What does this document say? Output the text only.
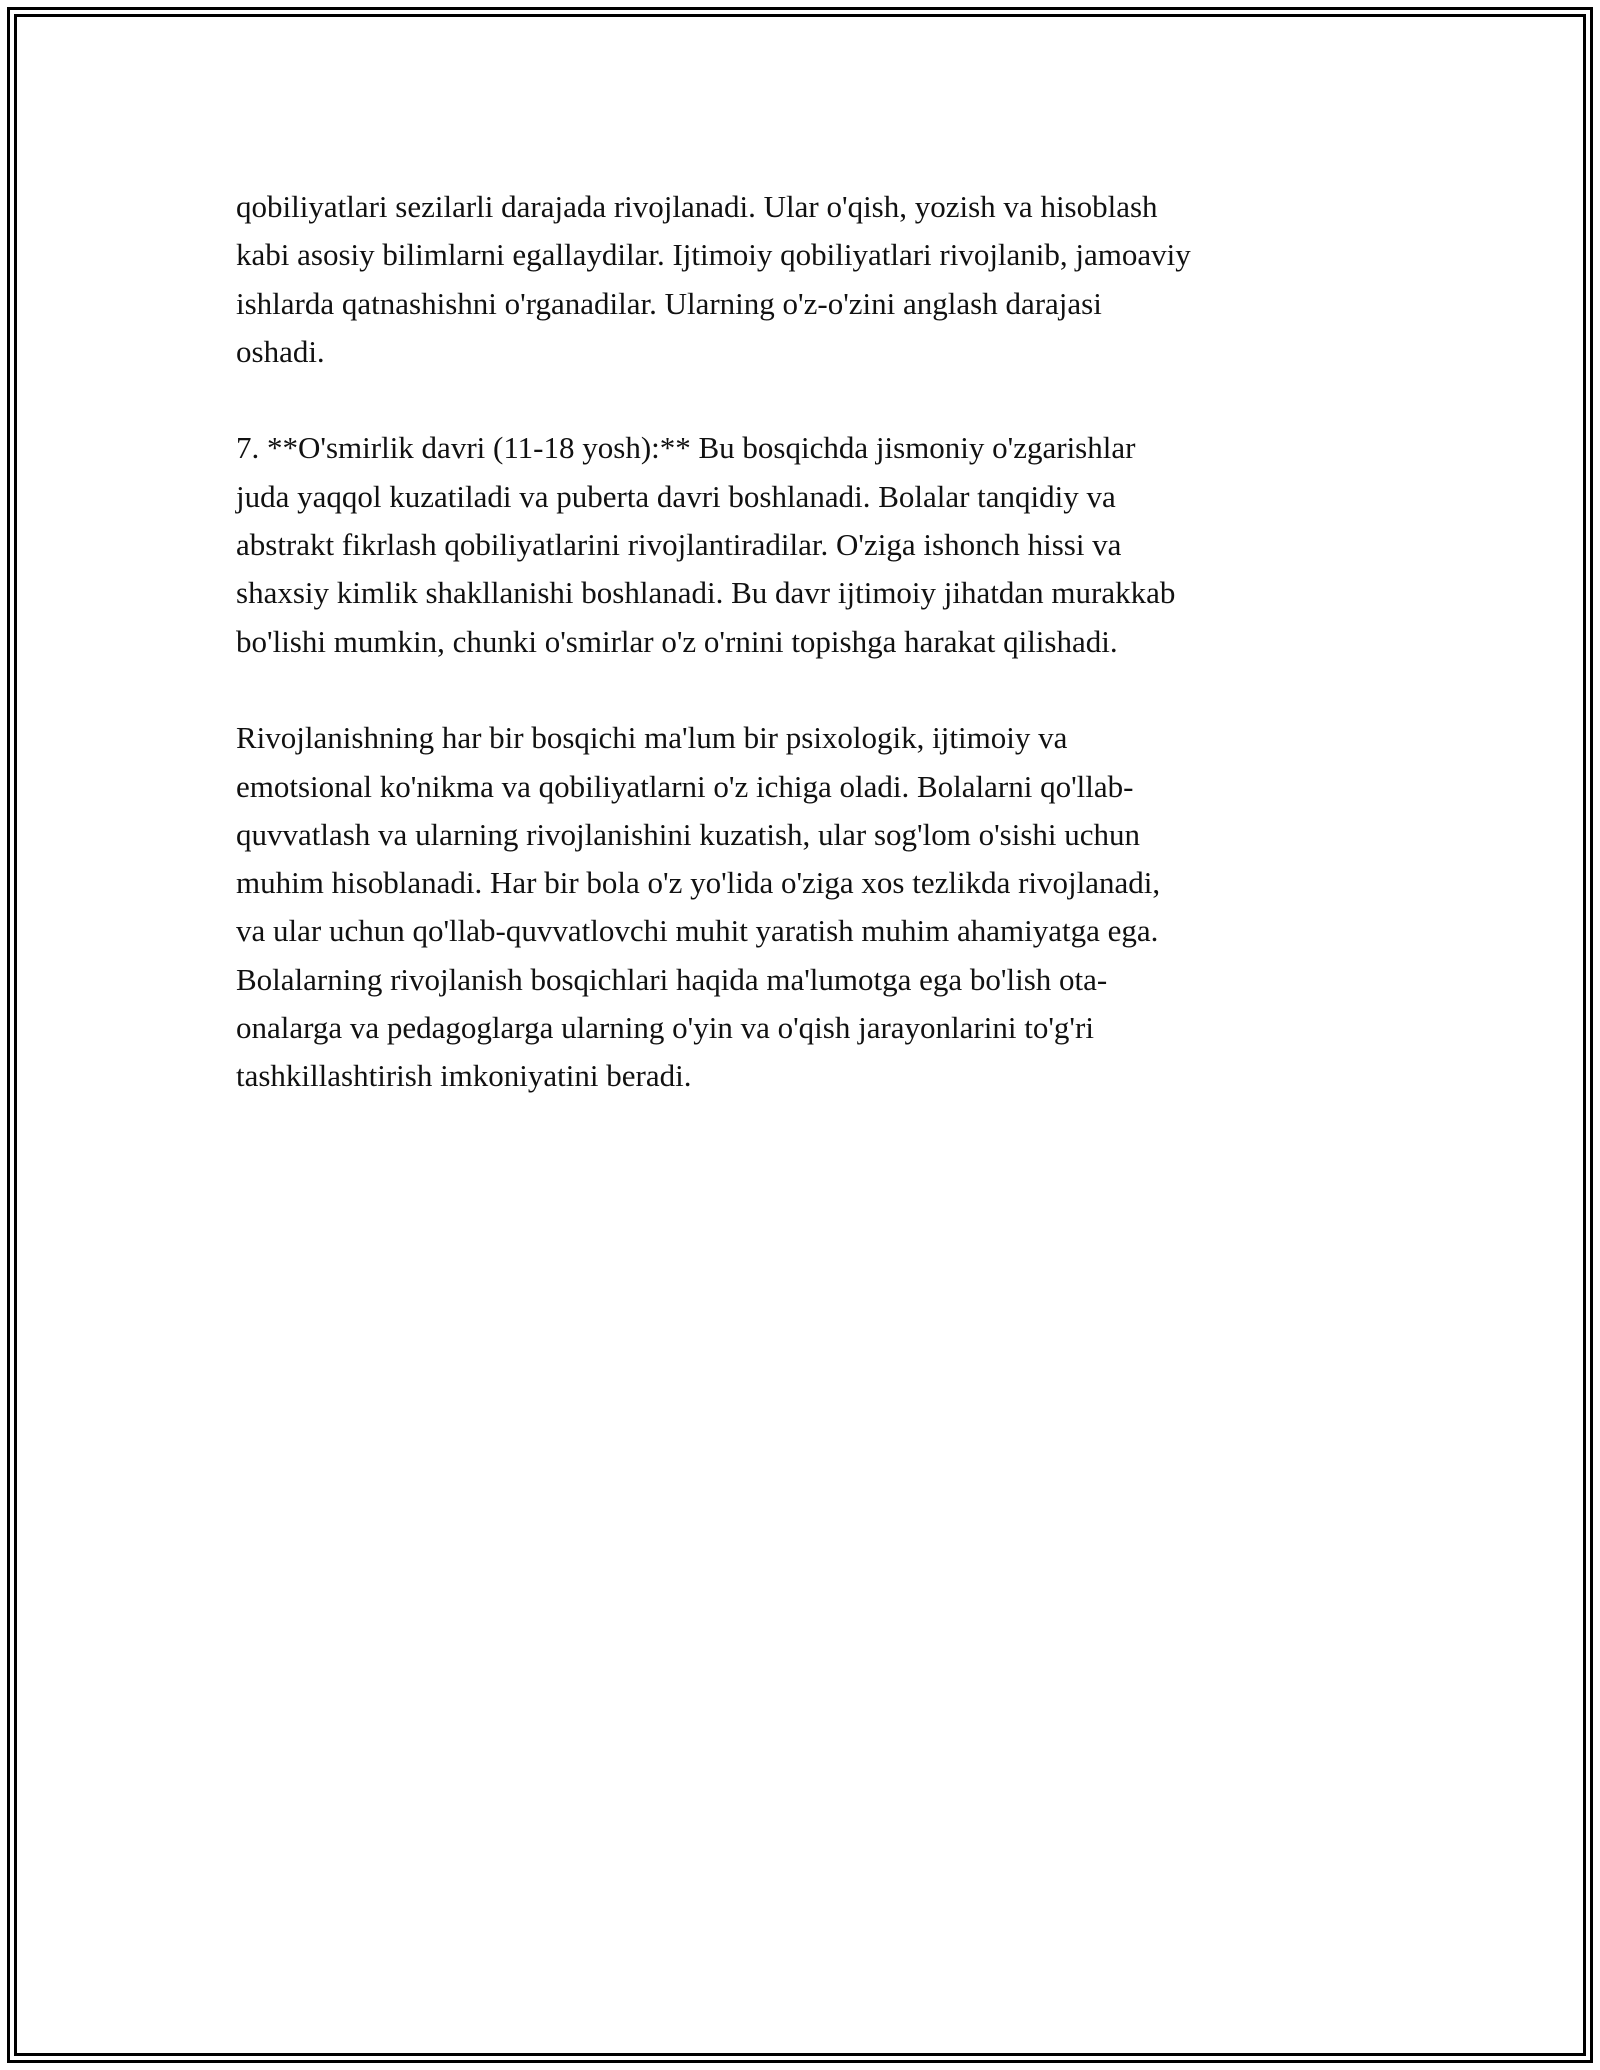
qobiliyatlari sezilarli darajada rivojlanadi. Ular o'qish, yozish va hisoblash
kabi asosiy bilimlarni egallaydilar. Ijtimoiy qobiliyatlari rivojlanib, jamoaviy
ishlarda qatnashishni o'rganadilar. Ularning o'z-o'zini anglash darajasi
oshadi.

7. **O'smirlik davri (11-18 yosh):** Bu bosqichda jismoniy o'zgarishlar
juda yaqqol kuzatiladi va puberta davri boshlanadi. Bolalar tanqidiy va
abstrakt fikrlash qobiliyatlarini rivojlantiradilar. O'ziga ishonch hissi va
shaxsiy kimlik shakllanishi boshlanadi. Bu davr ijtimoiy jihatdan murakkab
bo'lishi mumkin, chunki o'smirlar o'z o'rnini topishga harakat qilishadi.

Rivojlanishning har bir bosqichi ma'lum bir psixologik, ijtimoiy va
emotsional ko'nikma va qobiliyatlarni o'z ichiga oladi. Bolalarni qo'llab-
quvvatlash va ularning rivojlanishini kuzatish, ular sog'lom o'sishi uchun
muhim hisoblanadi. Har bir bola o'z yo'lida o'ziga xos tezlikda rivojlanadi,
va ular uchun qo'llab-quvvatlovchi muhit yaratish muhim ahamiyatga ega.
Bolalarning rivojlanish bosqichlari haqida ma'lumotga ega bo'lish ota-
onalarga va pedagoglarga ularning o'yin va o'qish jarayonlarini to'g'ri
tashkillashtirish imkoniyatini beradi.
